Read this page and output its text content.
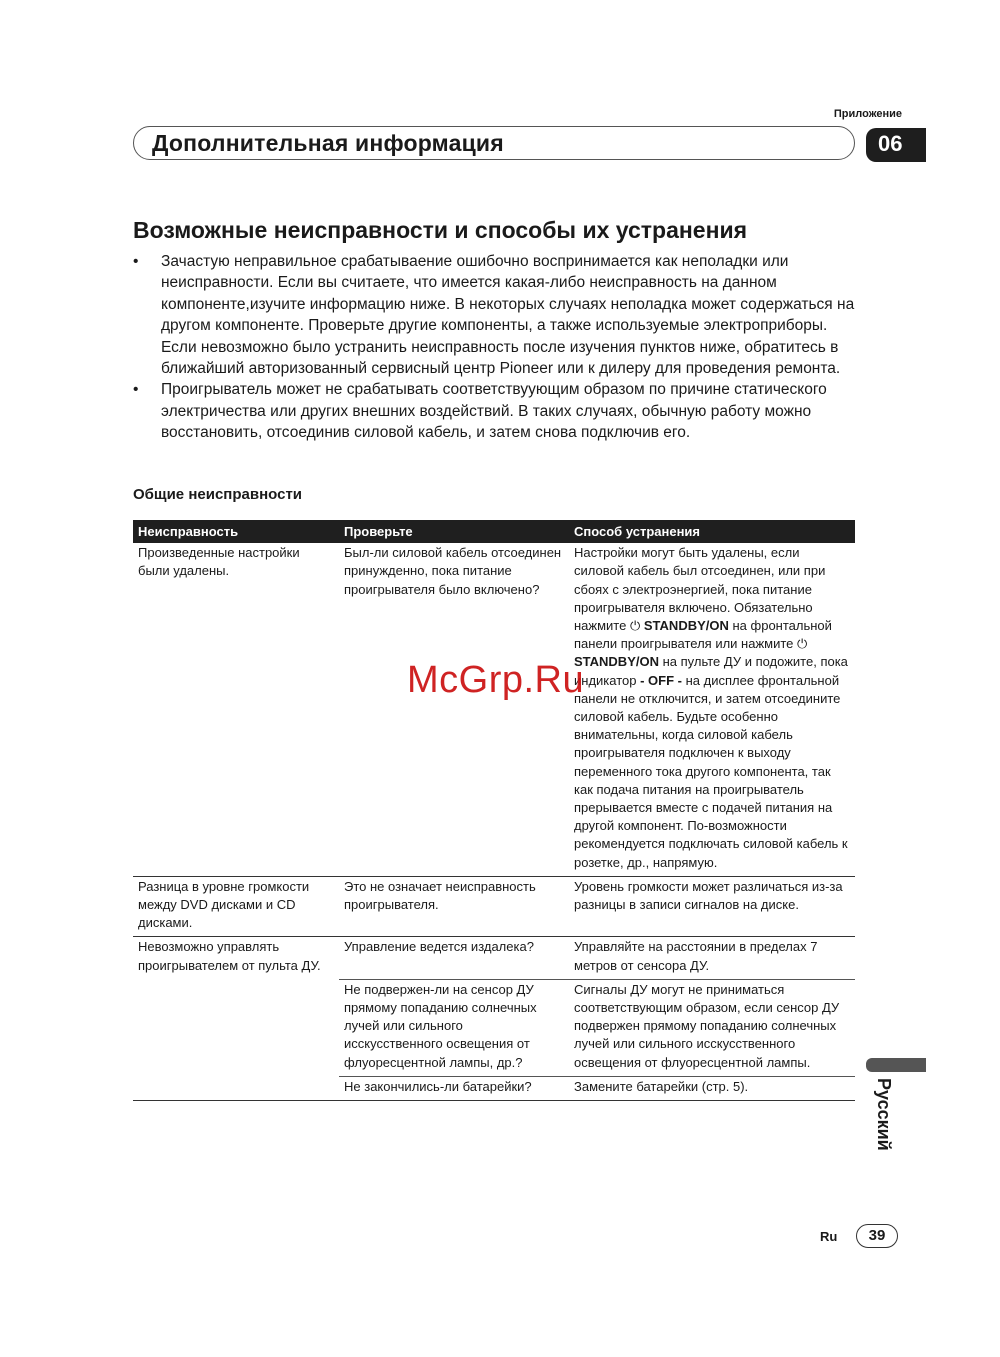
Приложение
Дополнительная информация	06
Возможные неисправности и способы их устранения
• Зачастую неправильное срабатываение ошибочно воспринимается как неполадки или неисправности. Если вы считаете, что имеется какая-либо неисправность на данном компоненте,изучите информацию ниже. В некоторых случаях неполадка может содержаться на другом компоненте. Проверьте другие компоненты, а также используемые электроприборы. Если невозможно было устранить неисправность после изучения пунктов ниже, обратитесь в ближайший авторизованный сервисный центр Pioneer или к дилеру для проведения ремонта.
• Проигрыватель может не срабатывать соответствуующим образом по причине статического электричества или других внешних воздействий. В таких случаях, обычную работу можно восстановить, отсоединив силовой кабель, и затем снова подключив его.
Общие неисправности
Неисправность	Проверьте	Способ устранения
Произведенные настройки были удалены.	Был-ли силовой кабель отсоединен принужденно, пока питание проигрывателя было включено?	Настройки могут быть удалены, если силовой кабель был отсоединен, или при сбоях с электроэнергией, пока питание проигрывателя включено. Обязательно нажмите ⏻ STANDBY/ON на фронтальной панели проигрывателя или нажмите ⏻ STANDBY/ON на пульте ДУ и подожите, пока индикатор - OFF - на дисплее фронтальной панели не отключится, и затем отсоедините силовой кабель. Будьте особенно внимательны, когда силовой кабель проигрывателя подключен к выходу переменного тока другого компонента, так как подача питания на проигрыватель прерывается вместе с подачей питания на другой компонент. По-возможности рекомендуется подключать силовой кабель к розетке, др., напрямую.
Разница в уровне громкости между DVD дисками и CD дисками.	Это не означает неисправность проигрывателя.	Уровень громкости может различаться из-за разницы в записи сигналов на диске.
Невозможно управлять проигрывателем от пульта ДУ.	Управление ведется издалека?	Управляйте на расстоянии в пределах 7 метров от сенсора ДУ.
	Не подвержен-ли на сенсор ДУ прямому попаданию солнечных лучей или сильного исскусственного освещения от флуоресцентной лампы, др.?	Сигналы ДУ могут не приниматься соответствующим образом, если сенсор ДУ подвержен прямому попаданию солнечных лучей или сильного исскусственного освещения от флуоресцентной лампы.
	Не закончились-ли батарейки?	Замените батарейки (стр. 5).
McGrp.Ru
Русский
Ru	39
